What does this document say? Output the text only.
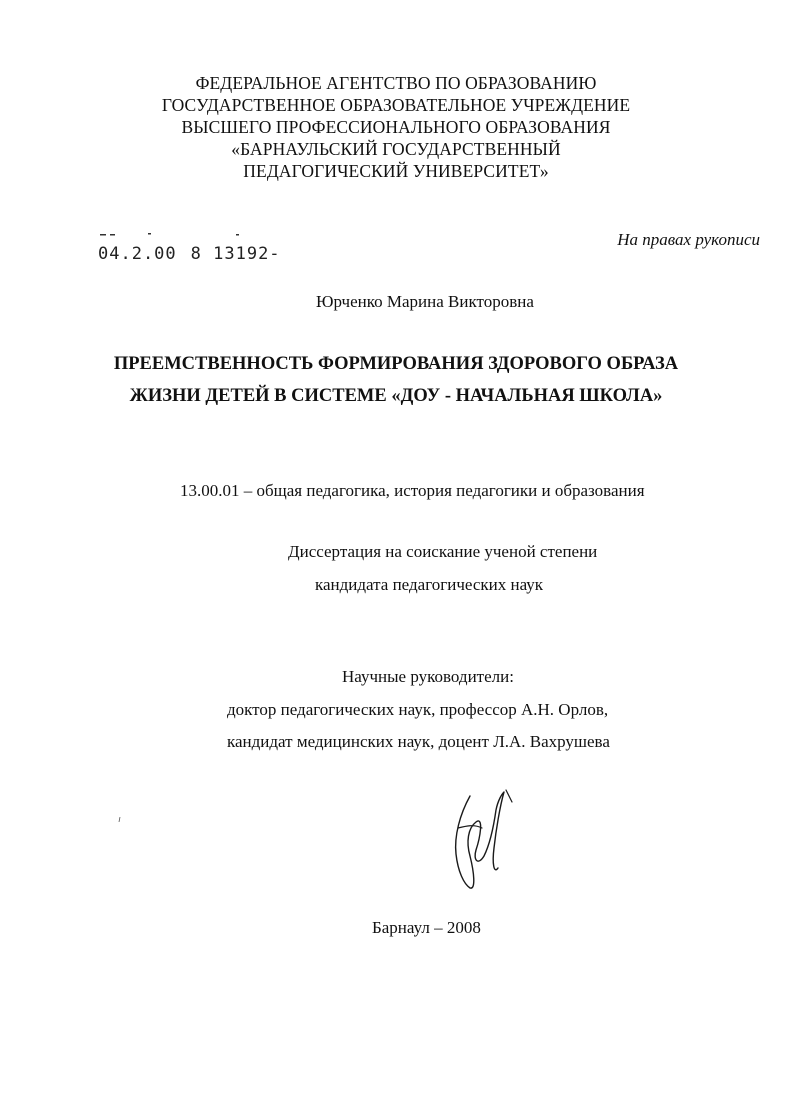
ФЕДЕРАЛЬНОЕ АГЕНТСТВО ПО ОБРАЗОВАНИЮ
ГОСУДАРСТВЕННОЕ ОБРАЗОВАТЕЛЬНОЕ УЧРЕЖДЕНИЕ
ВЫСШЕГО ПРОФЕССИОНАЛЬНОГО ОБРАЗОВАНИЯ
«БАРНАУЛЬСКИЙ ГОСУДАРСТВЕННЫЙ
ПЕДАГОГИЧЕСКИЙ УНИВЕРСИТЕТ»
04.2.00 8 13192-
На правах рукописи
Юрченко Марина Викторовна
ПРЕЕМСТВЕННОСТЬ ФОРМИРОВАНИЯ ЗДОРОВОГО ОБРАЗА
ЖИЗНИ ДЕТЕЙ В СИСТЕМЕ «ДОУ - НАЧАЛЬНАЯ ШКОЛА»
13.00.01 – общая педагогика, история педагогики и образования
Диссертация на соискание ученой степени
кандидата педагогических наук
Научные руководители:
доктор педагогических наук, профессор А.Н. Орлов,
кандидат медицинских наук, доцент Л.А. Вахрушева
Барнаул – 2008
